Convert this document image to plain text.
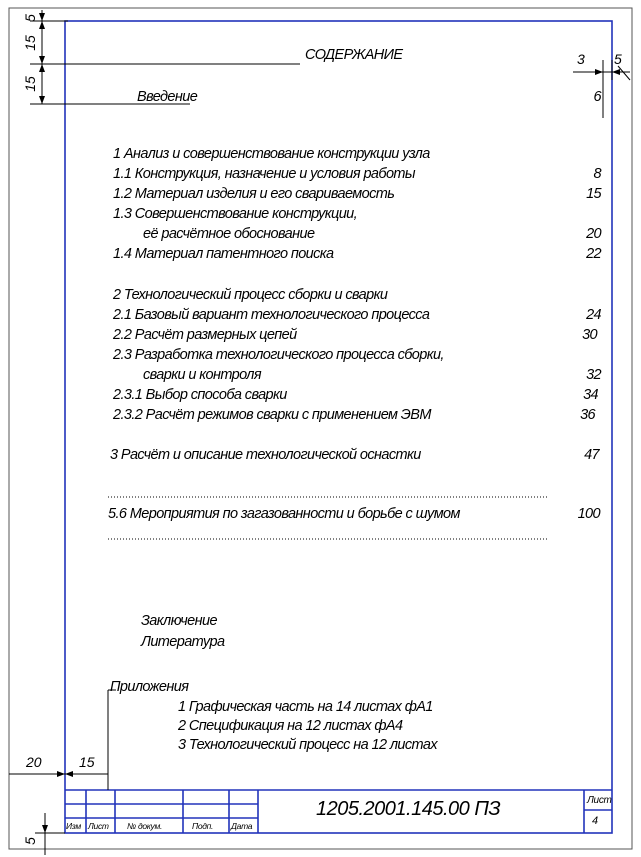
5
15
15
3 5
20	15
5
СОДЕРЖАНИЕ
Введение	6
1 Анализ и совершенствование конструкции узла
1.1 Конструкция, назначение и условия работы	8
1.2 Материал изделия и его свариваемость	15
1.3 Совершенствование конструкции,
её расчётное обоснование	20
1.4 Материал патентного поиска	22
2 Технологический процесс сборки и сварки
2.1 Базовый вариант технологического процесса	24
2.2 Расчёт размерных цепей	30
2.3 Разработка технологического процесса сборки,
сварки и контроля	32
2.3.1 Выбор способа сварки	34
2.3.2 Расчёт режимов сварки с применением ЭВМ	36
3 Расчёт и описание технологической оснастки	47
5.6 Мероприятия по загазованности и борьбе с шумом	100
Заключение
Литература
Приложения
1 Графическая часть на 14 листах фА1
2 Спецификация на 12 листах фА4
3 Технологический процесс на 12 листах
Изм Лист № докум.	Подп. Дата
1205.2001.145.00 ПЗ	Лист
4
